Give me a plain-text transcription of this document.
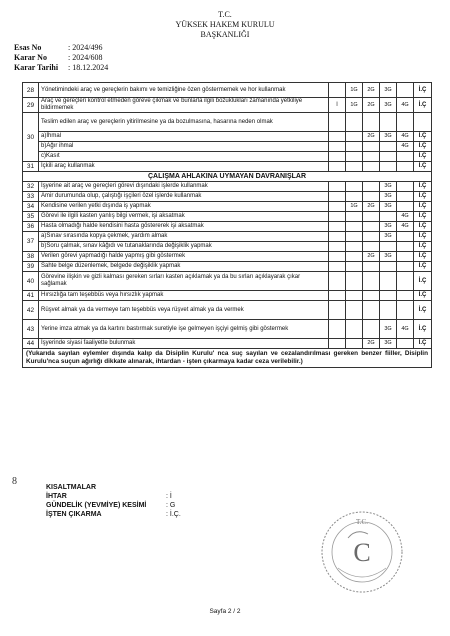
T.C.
YÜKSEK HAKEM KURULU
BAŞKANLIĞI
Esas No	: 2024/496
Karar No	: 2024/608
Karar Tarihi	: 18.12.2024
28	Yönetimindeki araç ve gereçlerin bakımı ve temizliğine özen göstermemek ve hor kullanmak		1G	2G	3G		İ.Ç
29	Araç ve gereçleri kontrol etmeden göreve çıkmak ve bunlarla ilgili bozuklukları zamanında yetkiliye bildirmemek	İ	1G	2G	3G	4G	İ.Ç
30	Teslim edilen araç ve gereçlerin yitirilmesine ya da bozulmasına, hasarına neden olmak						
	a)İhmal			2G	3G	4G	İ.Ç
	b)Ağır ihmal					4G	İ.Ç
	c)Kasıt						İ.Ç
31	İçkili araç kullanmak						İ.Ç
ÇALIŞMA AHLAKINA UYMAYAN DAVRANIŞLAR							
32	İşyerine ait araç ve gereçleri görevi dışındaki işlerde kullanmak				3G		İ.Ç
33	Amir durumunda olup, çalıştığı işçileri özel işlerde kullanmak				3G		İ.Ç
34	Kendisine verilen yetki dışında iş yapmak		1G	2G	3G		İ.Ç
35	Görevi ile ilgili kasten yanlış bilgi vermek, işi aksatmak					4G	İ.Ç
36	Hasta olmadığı halde kendisini hasta göstererek işi aksatmak				3G	4G	İ.Ç
37	a)Sınav sırasında kopya çekmek, yardım almak				3G		İ.Ç
	b)Soru çalmak, sınav kâğıdı ve tutanaklarında değişiklik yapmak						İ.Ç
38	Verilen görevi yapmadığı halde yapmış gibi göstermek			2G	3G		İ.Ç
39	Sahte belge düzenlemek, belgede değişiklik yapmak						İ.Ç
40	Görevine ilişkin ve gizli kalması gereken sırları kasten açıklamak ya da bu sırları açıklayarak çıkar sağlamak						İ.Ç
41	Hırsızlığa tam teşebbüs veya hırsızlık yapmak						İ.Ç
42	Rüşvet almak ya da vermeye tam teşebbüs veya rüşvet almak ya da vermek						İ.Ç
43	Yerine imza atmak ya da kartını bastırmak suretiyle işe gelmeyen işçiyi gelmiş gibi göstermek				3G	4G	İ.Ç
44	İşyerinde siyasi faaliyette bulunmak			2G	3G		İ.Ç
(Yukarıda sayılan eylemler dışında kalıp da Disiplin Kurulu' nca suç sayılan ve cezalandırılması gereken benzer fiiller, Disiplin Kurulu'nca suçun ağırlığı dikkate alınarak, ihtardan - işten çıkarmaya kadar ceza verilebilir.)							
8
KISALTMALAR
İHTAR	: İ
GÜNDELİK (YEVMİYE) KESİMİ	: G
İŞTEN ÇIKARMA	: İ.Ç.
T.C.
C
Sayfa 2 / 2
